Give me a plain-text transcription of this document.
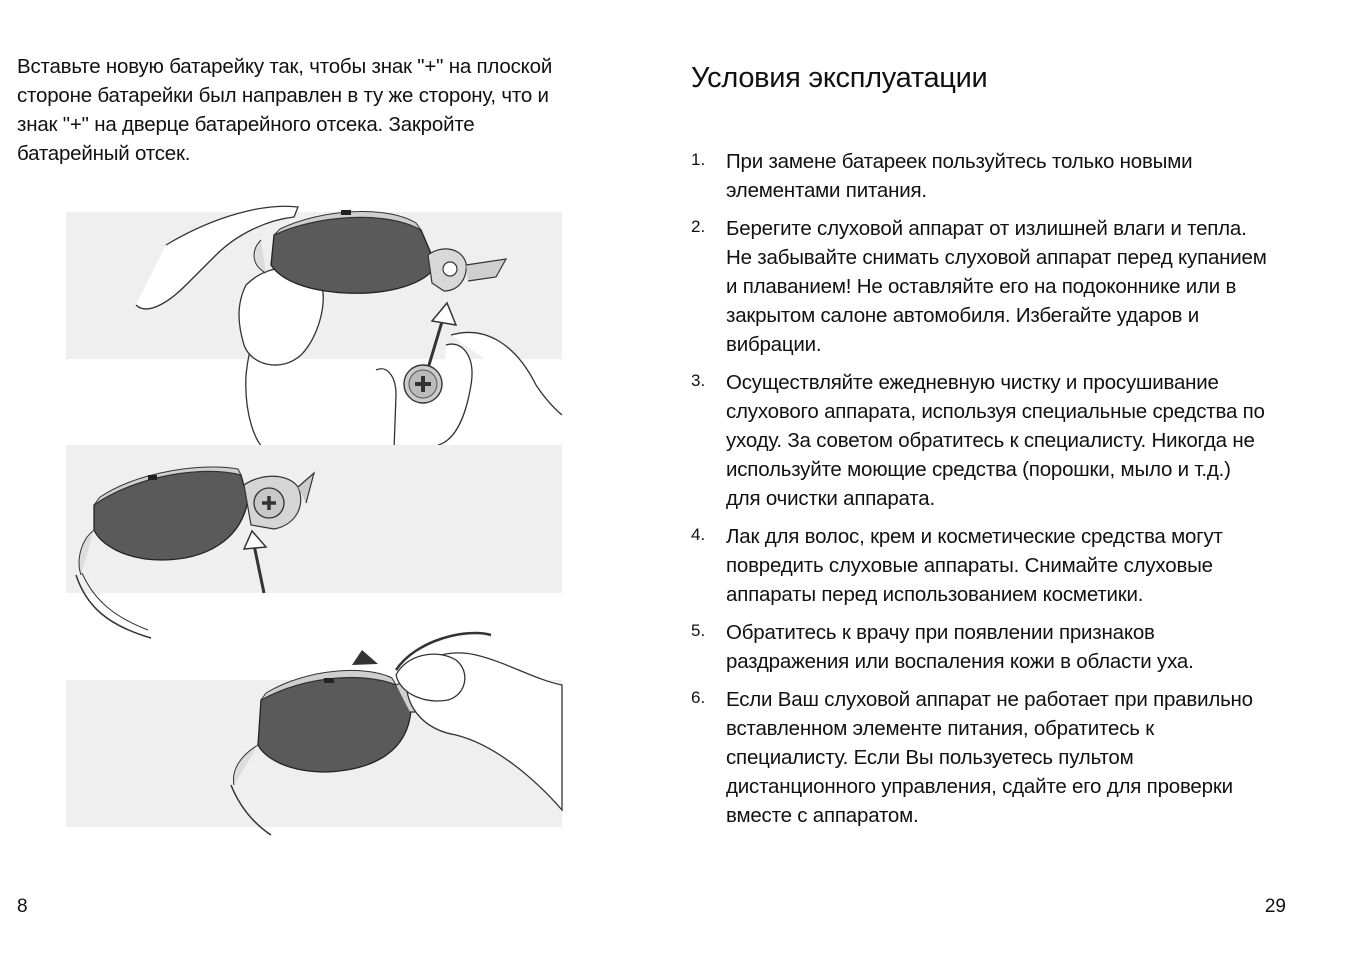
Вставьте новую батарейку так, чтобы знак "+" на плоской
стороне батарейки был направлен в ту же сторону, что и
знак "+" на дверце батарейного отсека. Закройте
батарейный отсек.

8
Условия эксплуатации
1. При замене батареек пользуйтесь только новыми
элементами питания.
2. Берегите слуховой аппарат от излишней влаги и тепла.
Не забывайте снимать слуховой аппарат перед купанием
и плаванием! Не оставляйте его на подоконнике или в
закрытом салоне автомобиля. Избегайте ударов и
вибрации.
3. Осуществляйте ежедневную чистку и просушивание
слухового аппарата, используя специальные средства по
уходу. За советом обратитесь к специалисту. Никогда не
используйте моющие средства (порошки, мыло и т.д.)
для очистки аппарата.
4. Лак для волос, крем и косметические средства могут
повредить слуховые аппараты. Снимайте слуховые
аппараты перед использованием косметики.
5. Обратитесь к врачу при появлении признаков
раздражения или воспаления кожи в области уха.
6. Если Ваш слуховой аппарат не работает при правильно
вставленном элементе питания, обратитесь к
специалисту. Если Вы пользуетесь пультом
дистанционного управления, сдайте его для проверки
вместе с аппаратом.
29
